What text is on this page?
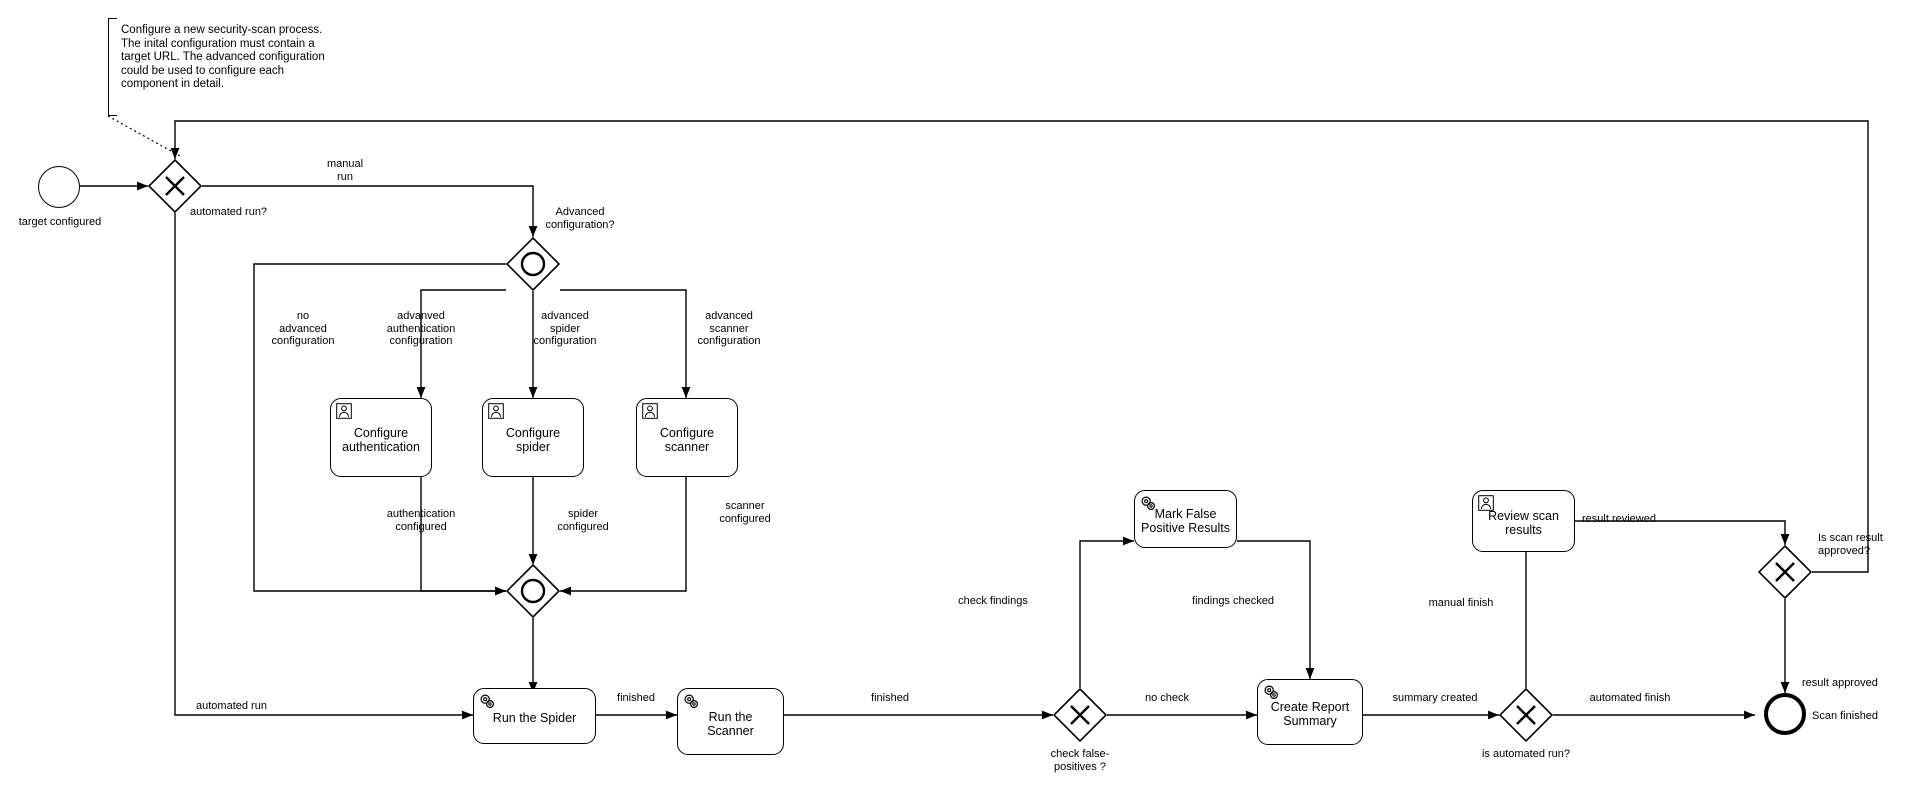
Configure a new security-scan process.
The inital configuration must contain a
target URL. The advanced configuration
could be used to configure each
component in detail.
target configured
automated run?
manual
run
automated run
Advanced
configuration?
no
advanced
configuration
advanved
authentication
configuration
advanced
spider
configuration
advanced
scanner
configuration
Configure
authentication
Configure
spider
Configure
scanner
authentication
configured
spider
configured
scanner
configured
Run the Spider
finished
Run the
Scanner
finished
check false-
positives ?
check findings
no check
Mark False
Positive Results
findings checked
Create Report
Summary
summary created
is automated run?
manual finish
automated finish
Review scan
results
result reviewed
Is scan result
approved?
result approved
Scan finished
